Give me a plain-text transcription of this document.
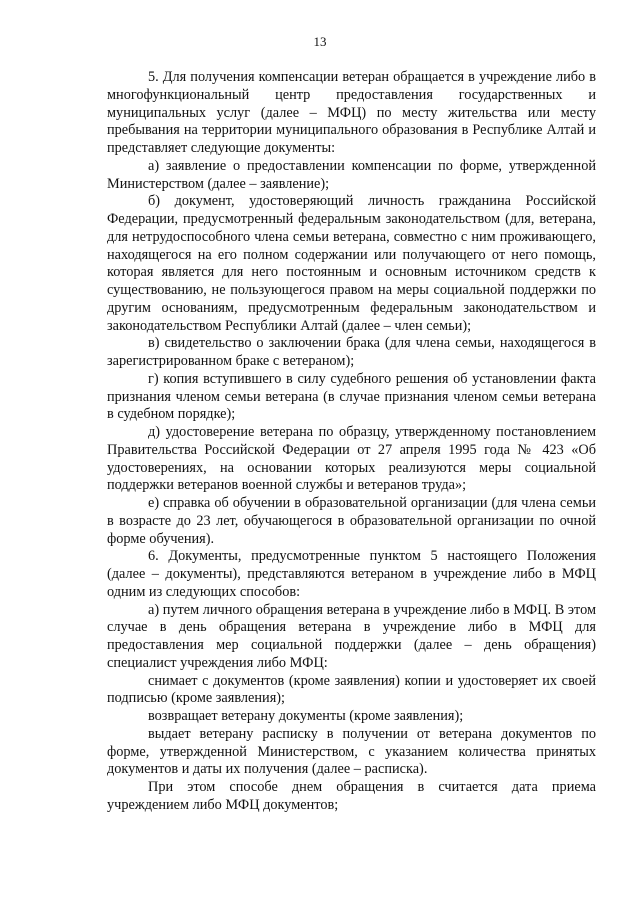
13

5. Для получения компенсации ветеран обращается в учреждение либо в многофункциональный центр предоставления государственных и муниципальных услуг (далее – МФЦ) по месту жительства или месту пребывания на территории муниципального образования в Республике Алтай и представляет следующие документы:

а) заявление о предоставлении компенсации по форме, утвержденной Министерством (далее – заявление);

б) документ, удостоверяющий личность гражданина Российской Федерации, предусмотренный федеральным законодательством (для, ветерана, для нетрудоспособного члена семьи ветерана, совместно с ним проживающего, находящегося на его полном содержании или получающего от него помощь, которая является для него постоянным и основным источником средств к существованию, не пользующегося правом на меры социальной поддержки по другим основаниям, предусмотренным федеральным законодательством и законодательством Республики Алтай (далее – член семьи);

в) свидетельство о заключении брака (для члена семьи, находящегося в зарегистрированном браке с ветераном);

г) копия вступившего в силу судебного решения об установлении факта признания членом семьи ветерана (в случае признания членом семьи ветерана в судебном порядке);

д) удостоверение ветерана по образцу, утвержденному постановлением Правительства Российской Федерации от 27 апреля 1995 года № 423 «Об удостоверениях, на основании которых реализуются меры социальной поддержки ветеранов военной службы и ветеранов труда»;

е) справка об обучении в образовательной организации (для члена семьи в возрасте до 23 лет, обучающегося в образовательной организации по очной форме обучения).

6. Документы, предусмотренные пунктом 5 настоящего Положения (далее – документы), представляются ветераном в учреждение либо в МФЦ одним из следующих способов:

а) путем личного обращения ветерана в учреждение либо в МФЦ. В этом случае в день обращения ветерана в учреждение либо в МФЦ для предоставления мер социальной поддержки (далее – день обращения) специалист учреждения либо МФЦ:

снимает с документов (кроме заявления) копии и удостоверяет их своей подписью (кроме заявления);

возвращает ветерану документы (кроме заявления);

выдает ветерану расписку в получении от ветерана документов по форме, утвержденной Министерством, с указанием количества принятых документов и даты их получения (далее – расписка).

При этом способе днем обращения в считается дата приема учреждением либо МФЦ документов;
